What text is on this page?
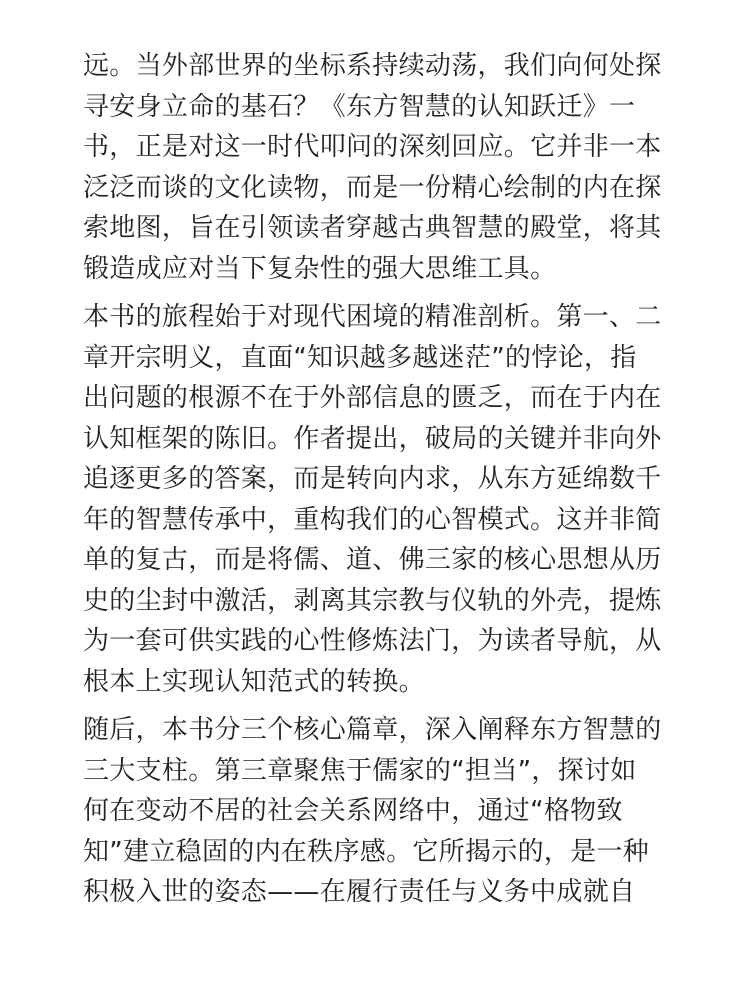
远。当外部世界的坐标系持续动荡，我们向何处探
寻安身立命的基石？《东方智慧的认知跃迁》一
书，正是对这一时代叩问的深刻回应。它并非一本
泛泛而谈的文化读物，而是一份精心绘制的内在探
索地图，旨在引领读者穿越古典智慧的殿堂，将其
锻造成应对当下复杂性的强大思维工具。
本书的旅程始于对现代困境的精准剖析。第一、二
章开宗明义，直面“知识越多越迷茫”的悖论，指
出问题的根源不在于外部信息的匮乏，而在于内在
认知框架的陈旧。作者提出，破局的关键并非向外
追逐更多的答案，而是转向内求，从东方延绵数千
年的智慧传承中，重构我们的心智模式。这并非简
单的复古，而是将儒、道、佛三家的核心思想从历
史的尘封中激活，剥离其宗教与仪轨的外壳，提炼
为一套可供实践的心性修炼法门，为读者导航，从
根本上实现认知范式的转换。
随后，本书分三个核心篇章，深入阐释东方智慧的
三大支柱。第三章聚焦于儒家的“担当”，探讨如
何在变动不居的社会关系网络中，通过“格物致
知”建立稳固的内在秩序感。它所揭示的，是一种
积极入世的姿态——在履行责任与义务中成就自
